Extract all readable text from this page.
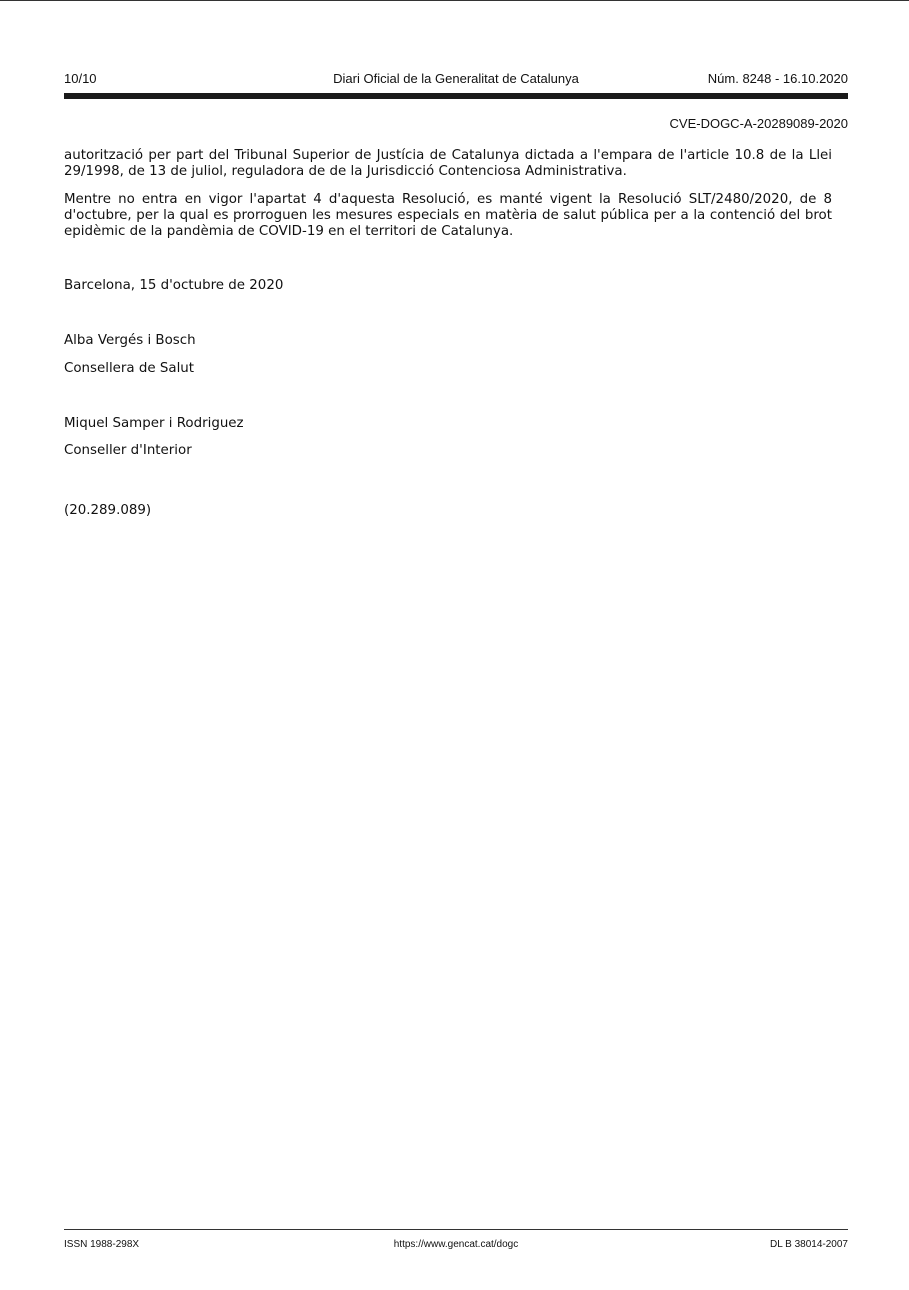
10/10	Diari Oficial de la Generalitat de Catalunya	Núm. 8248 - 16.10.2020
CVE-DOGC-A-20289089-2020

autorització per part del Tribunal Superior de Justícia de Catalunya dictada a l'empara de l'article 10.8 de la Llei 29/1998, de 13 de juliol, reguladora de de la Jurisdicció Contenciosa Administrativa.

Mentre no entra en vigor l'apartat 4 d'aquesta Resolució, es manté vigent la Resolució SLT/2480/2020, de 8 d'octubre, per la qual es prorroguen les mesures especials en matèria de salut pública per a la contenció del brot epidèmic de la pandèmia de COVID-19 en el territori de Catalunya.

Barcelona, 15 d'octubre de 2020

Alba Vergés i Bosch

Consellera de Salut

Miquel Samper i Rodriguez

Conseller d'Interior

(20.289.089)

ISSN 1988-298X	https://www.gencat.cat/dogc	DL B 38014-2007
